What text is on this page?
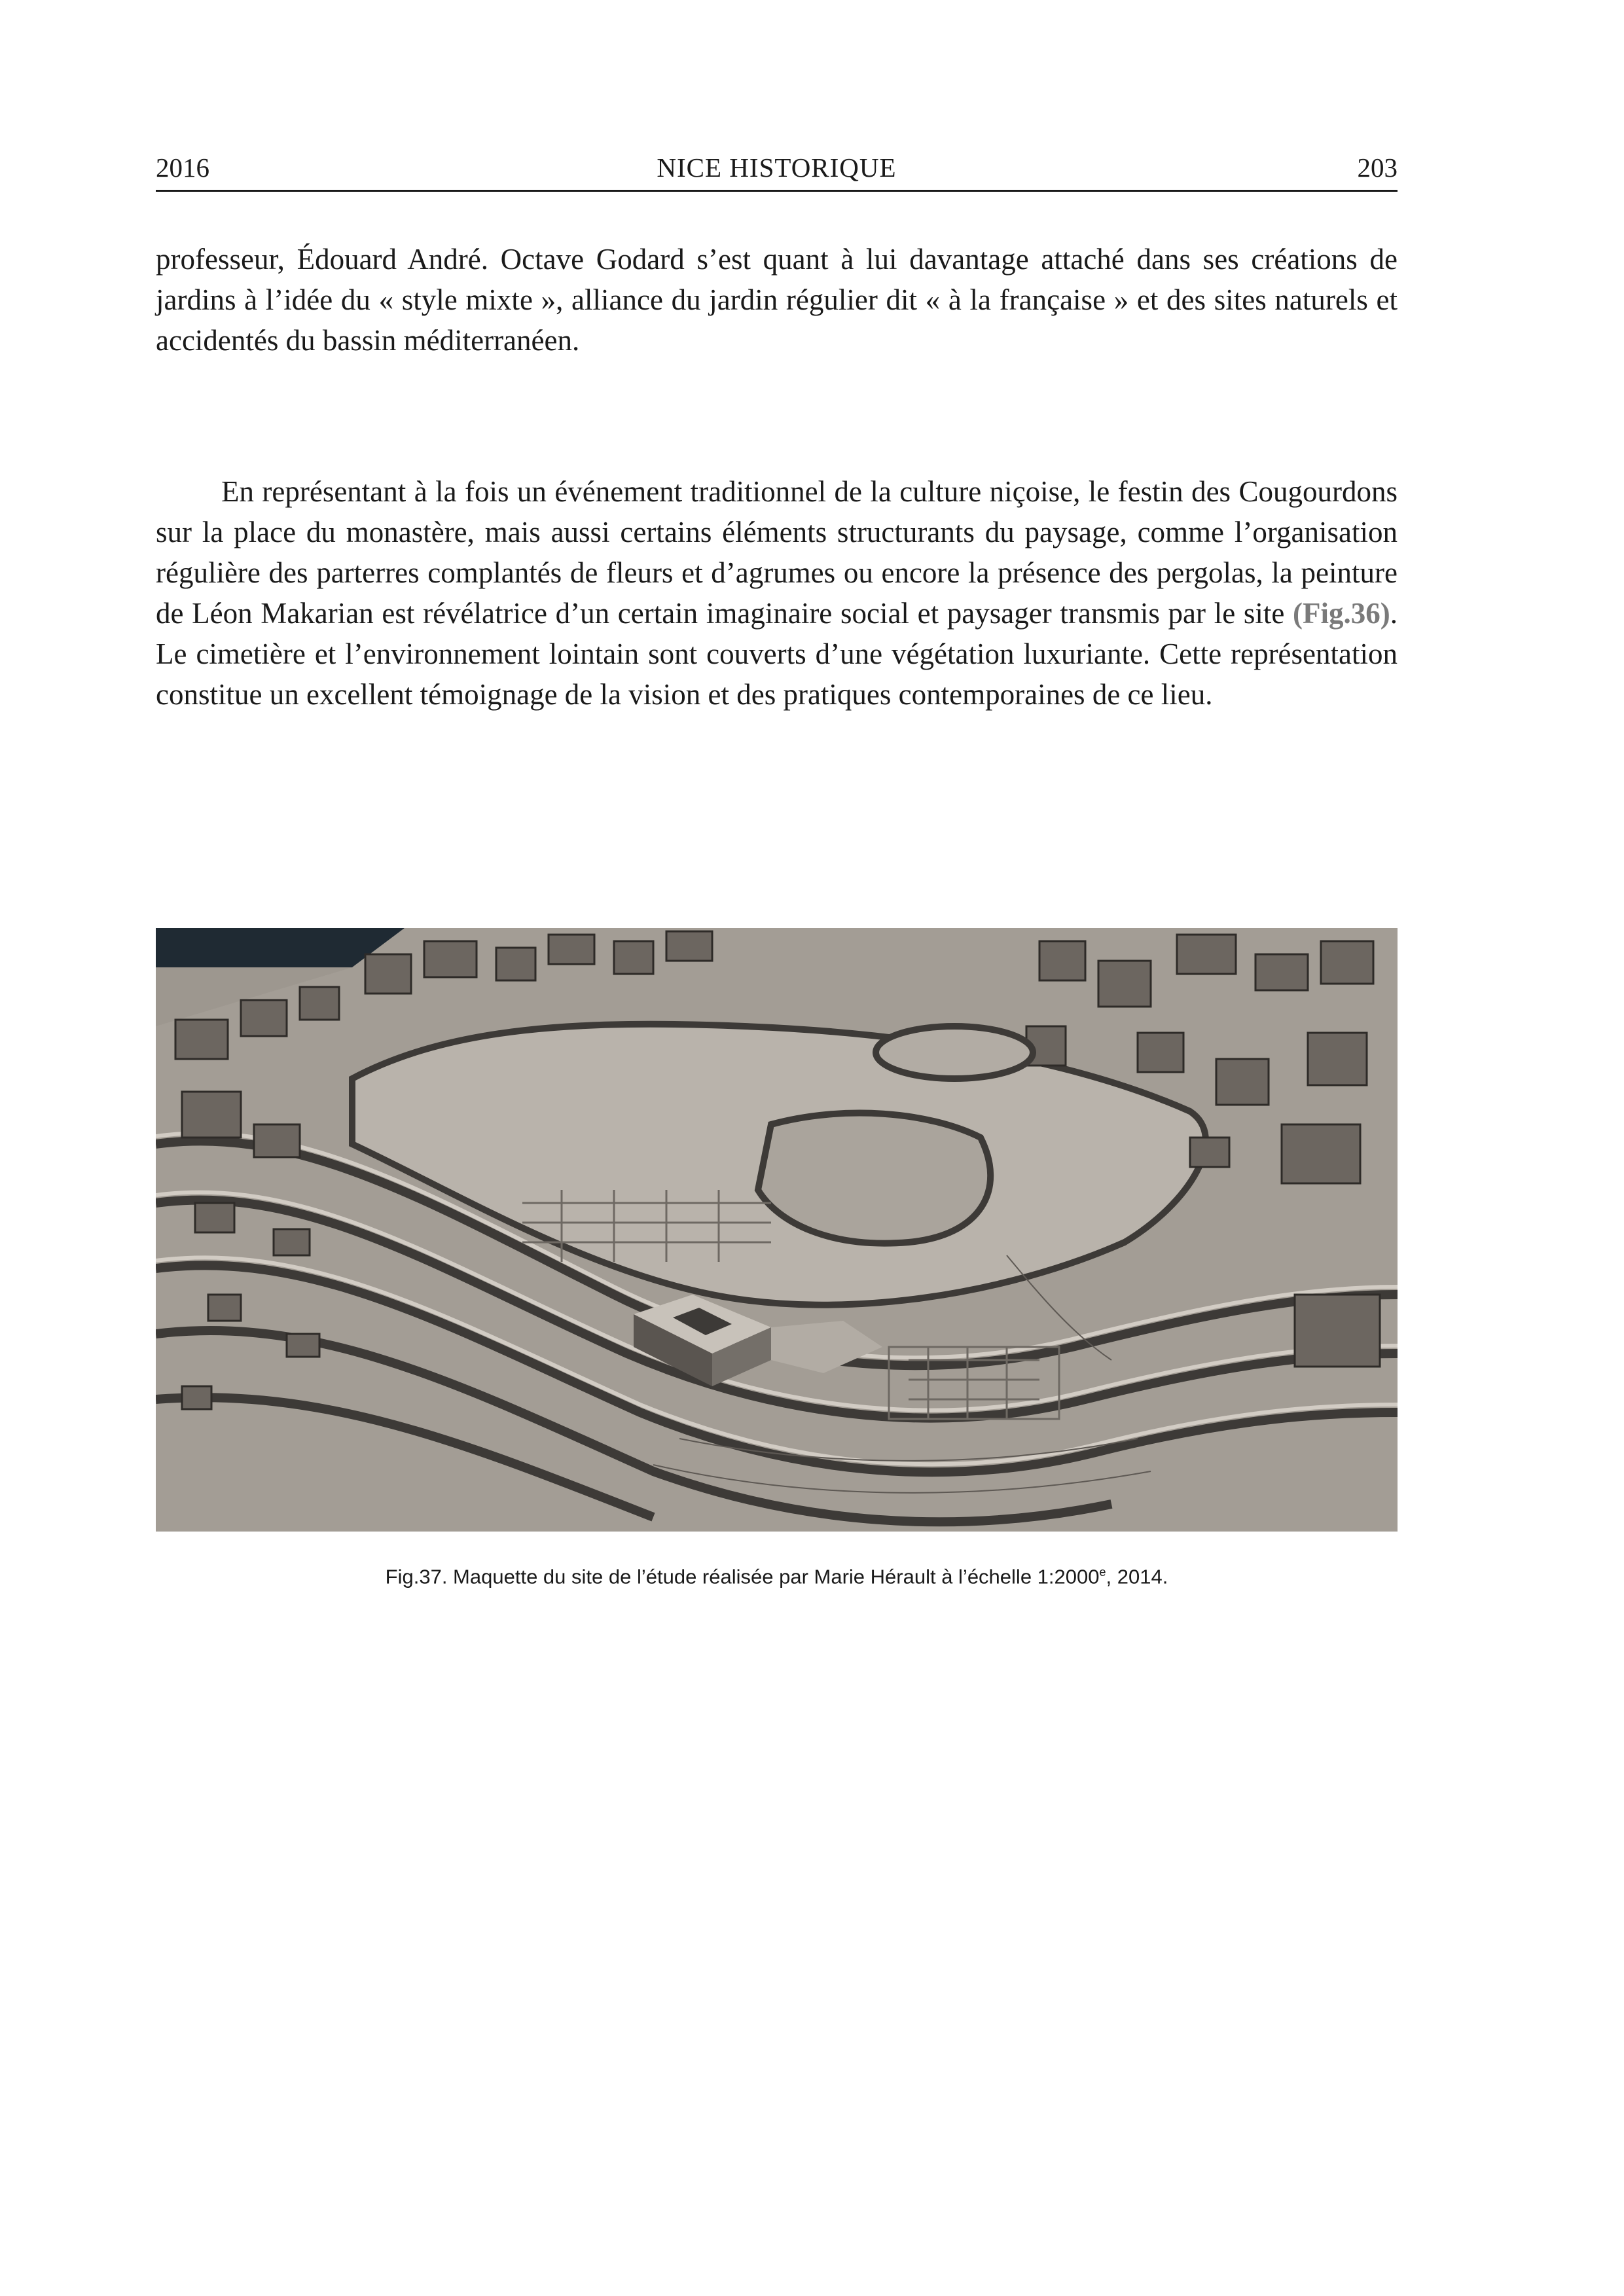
2016	NICE HISTORIQUE	203

professeur, Édouard André. Octave Godard s’est quant à lui davantage attaché dans ses créations de jardins à l’idée du « style mixte », alliance du jardin régulier dit « à la française » et des sites naturels et accidentés du bassin méditerranéen.

En représentant à la fois un événement traditionnel de la culture niçoise, le festin des Cougourdons sur la place du monastère, mais aussi certains éléments structurants du paysage, comme l’organisation régulière des parterres complantés de fleurs et d’agrumes ou encore la présence des pergolas, la peinture de Léon Makarian est révélatrice d’un certain imaginaire social et paysager transmis par le site (Fig.36). Le cimetière et l’environnement lointain sont couverts d’une végétation luxuriante. Cette représentation constitue un excellent témoignage de la vision et des pratiques contemporaines de ce lieu.

Fig.37. Maquette du site de l’étude réalisée par Marie Hérault à l’échelle 1:2000e, 2014.
